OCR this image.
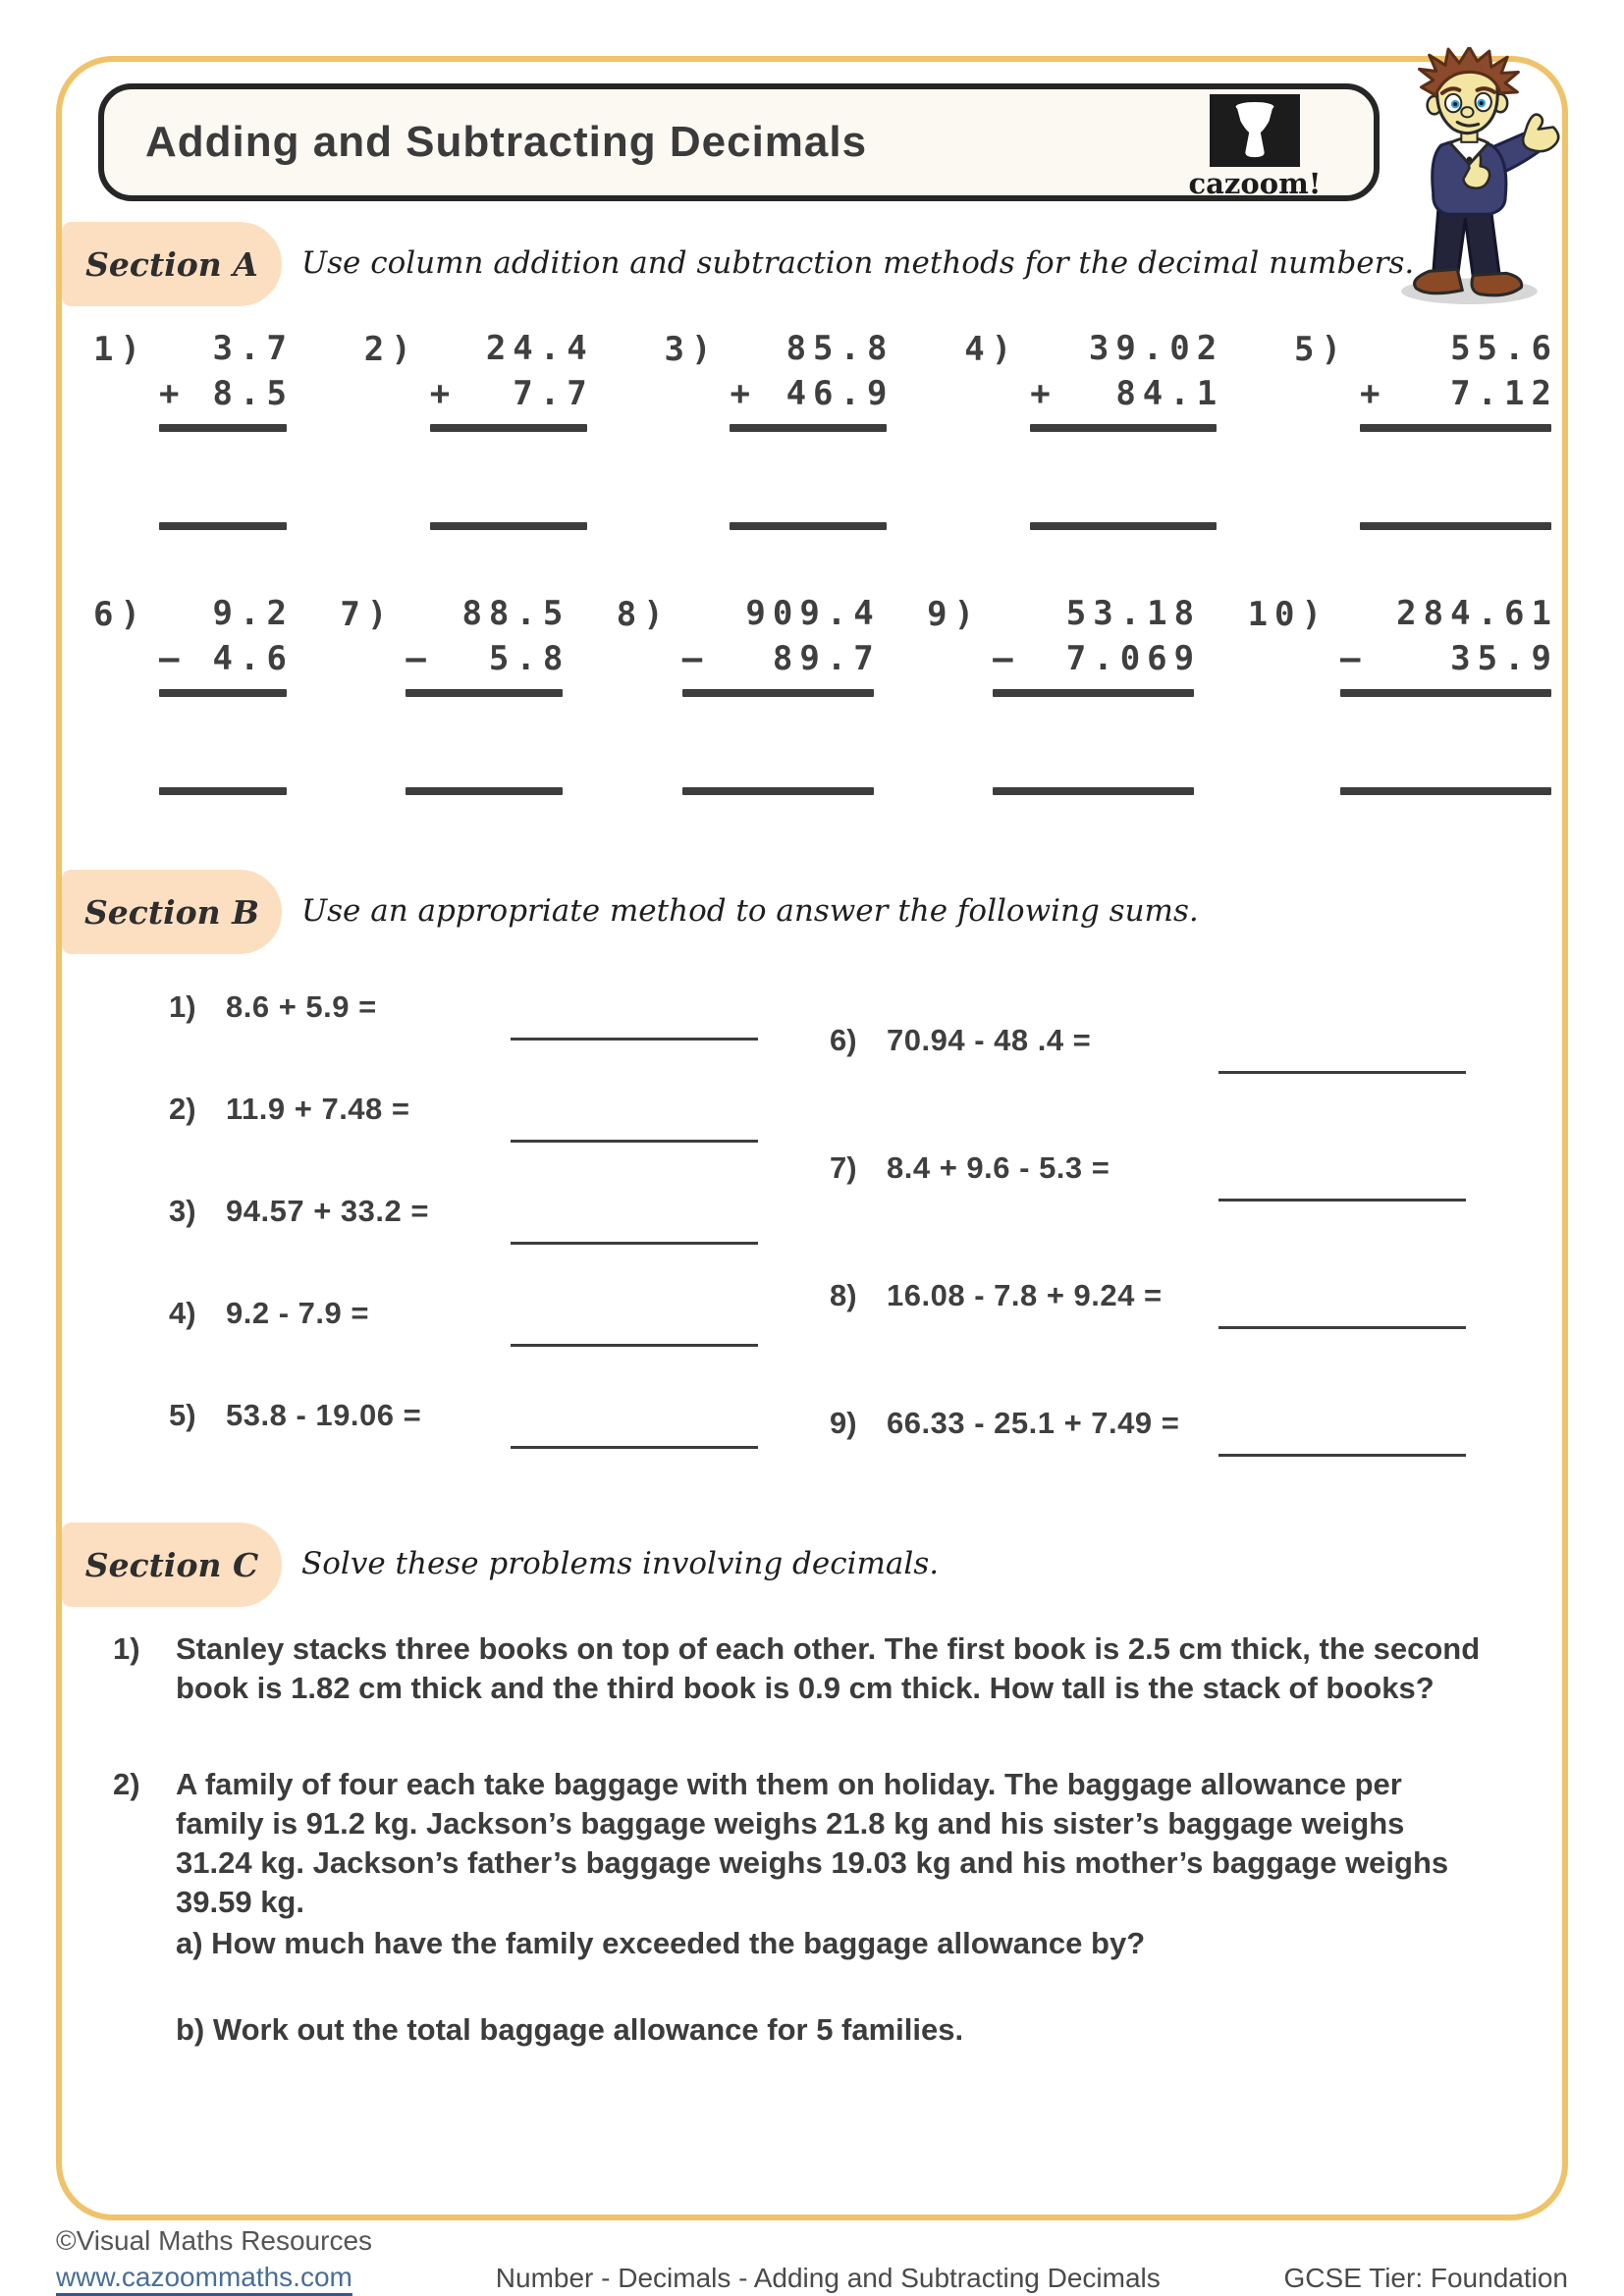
Adding and Subtracting Decimals
cazoom!
Section A Use column addition and subtraction methods for the decimal numbers.
1) 3.7
+ 8.5
2) 24.4
+ 7.7
3) 85.8
+ 46.9
4) 39.02
+ 84.1
5)	55.6
+ 7.12
6) 9.2
– 4.6
7) 88.5
– 5.8
8) 909.4
– 89.7
9)	53.18
– 7.069
10) 284.61
– 35.9
Section B Use an appropriate method to answer the following sums.
1) 8.6 + 5.9 =
2) 11.9 + 7.48 =
3) 94.57 + 33.2 =
4) 9.2 - 7.9 =
5) 53.8 - 19.06 =
6) 70.94 - 48 .4 =
7) 8.4 + 9.6 - 5.3 =
8) 16.08 - 7.8 + 9.24 =
9) 66.33 - 25.1 + 7.49 =
Section C Solve these problems involving decimals.
1)	Stanley stacks three books on top of each other. The first book is 2.5 cm thick, the second book is 1.82 cm thick and the third book is 0.9 cm thick. How tall is the stack of books?
2)	A family of four each take baggage with them on holiday. The baggage allowance per family is 91.2 kg. Jackson’s baggage weighs 21.8 kg and his sister’s baggage weighs 31.24 kg. Jackson’s father’s baggage weighs 19.03 kg and his mother’s baggage weighs 39.59 kg.
a) How much have the family exceeded the baggage allowance by?
b) Work out the total baggage allowance for 5 families.
©Visual Maths Resources
www.cazoommaths.com	Number - Decimals - Adding and Subtracting Decimals	GCSE Tier: Foundation
